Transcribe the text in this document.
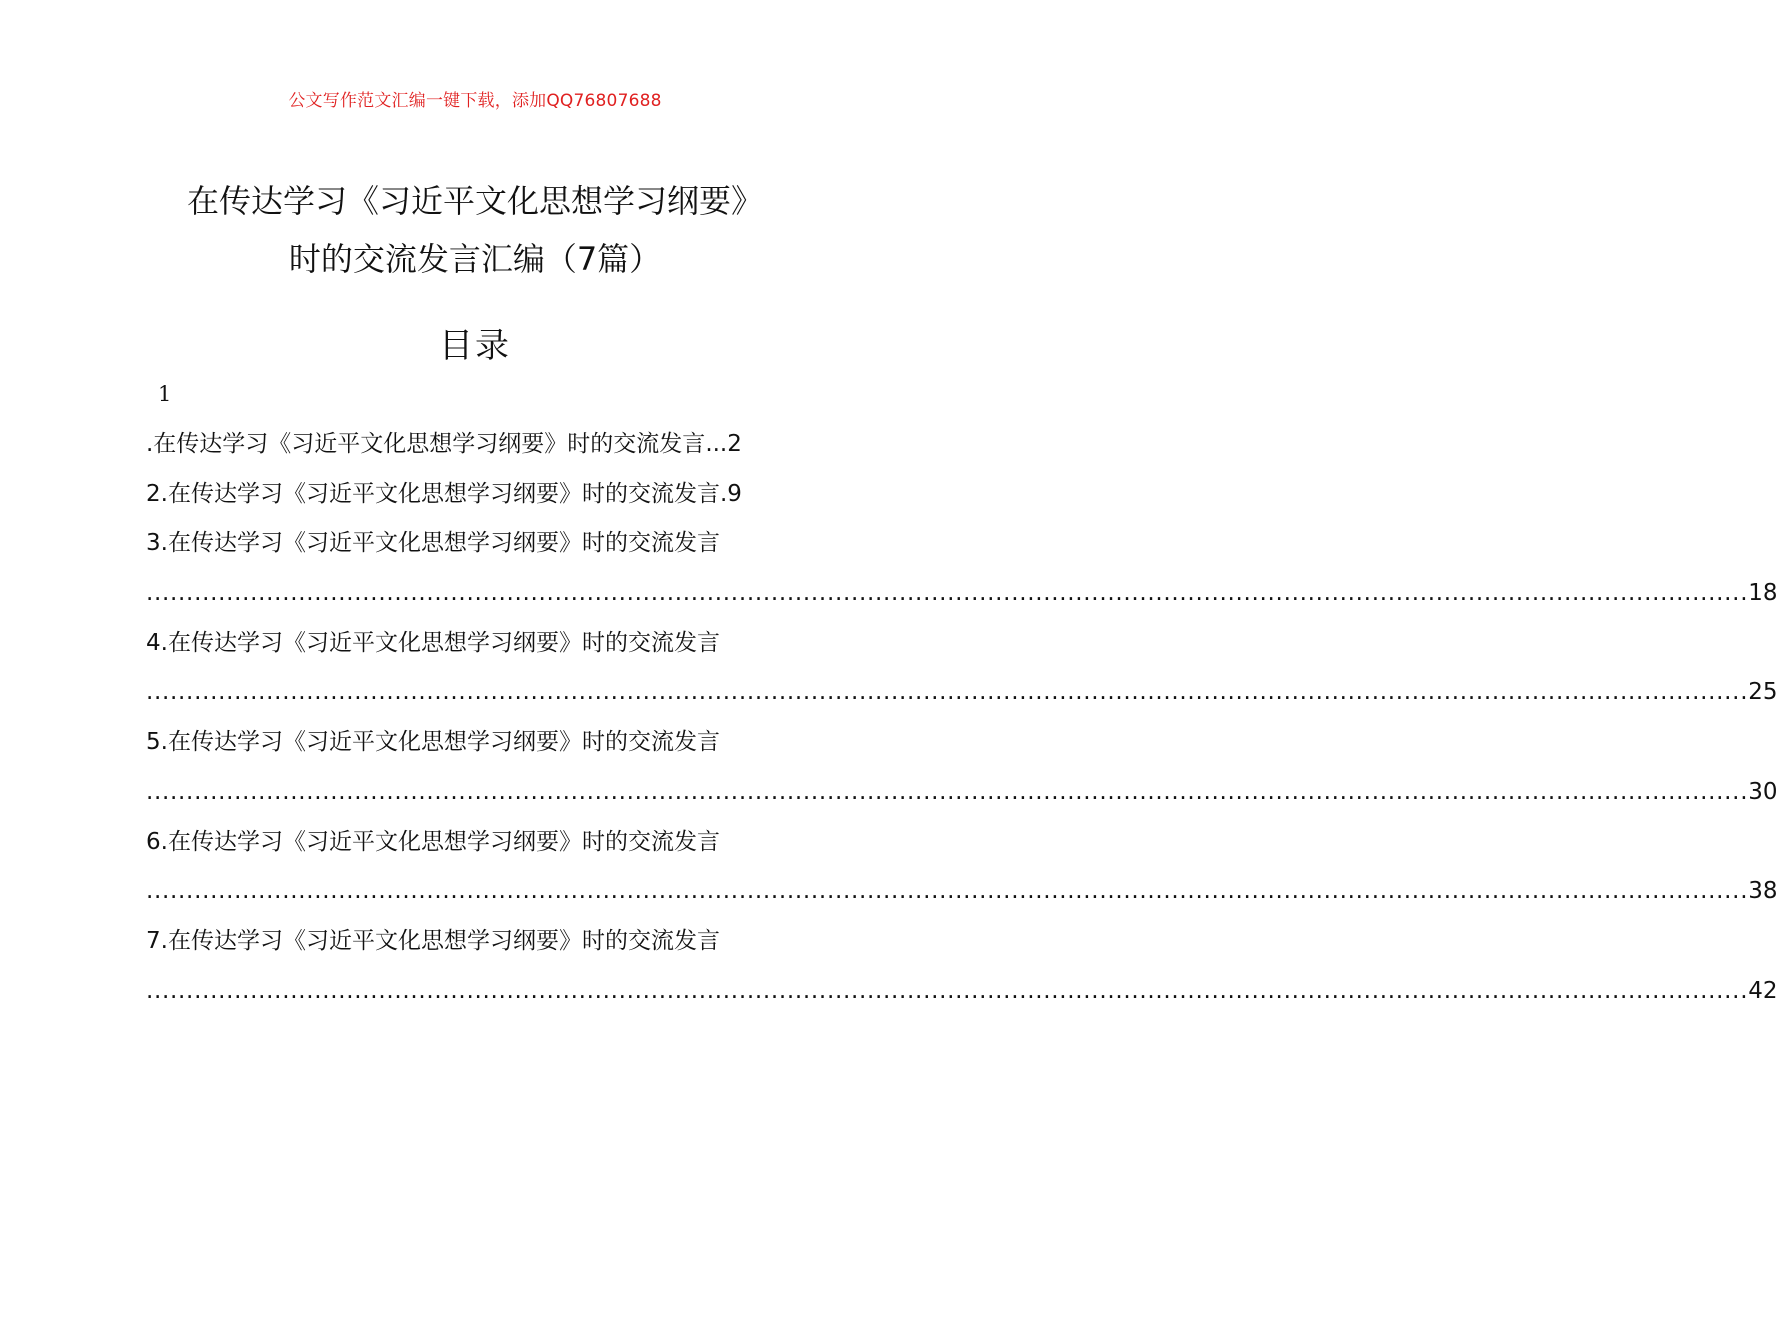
公文写作范文汇编一键下载，添加QQ76807688
在传达学习《习近平文化思想学习纲要》
时的交流发言汇编（7篇）
目录
1
.在传达学习《习近平文化思想学习纲要》时的交流发言 ... 2
2.在传达学习《习近平文化思想学习纲要》时的交流发言 . 9
3.在传达学习《习近平文化思想学习纲要》时的交流发言
........................................................................................................................................................................................................ 18
4.在传达学习《习近平文化思想学习纲要》时的交流发言
........................................................................................................................................................................................................ 25
5.在传达学习《习近平文化思想学习纲要》时的交流发言
........................................................................................................................................................................................................ 30
6.在传达学习《习近平文化思想学习纲要》时的交流发言
........................................................................................................................................................................................................ 38
7.在传达学习《习近平文化思想学习纲要》时的交流发言
........................................................................................................................................................................................................ 42
